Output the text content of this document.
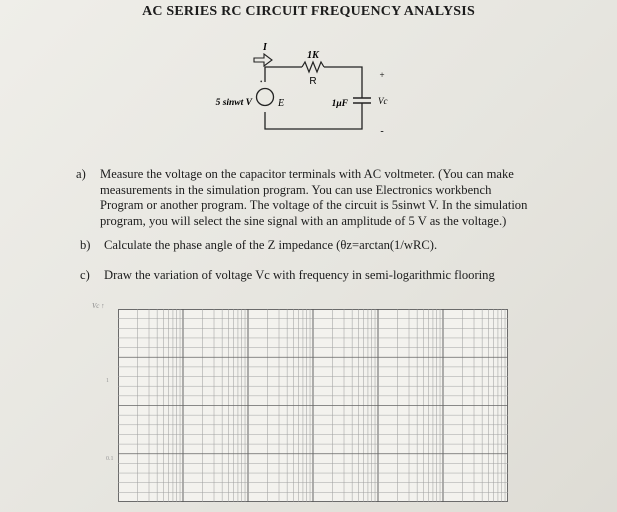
AC SERIES RC CIRCUIT FREQUENCY ANALYSIS
•
I
1K
R
5 sinwt V	E	1μF
+
Vc
-
a) Measure the voltage on the capacitor terminals with AC voltmeter. (You can make
measurements in the simulation program. You can use Electronics workbench
Program or another program. The voltage of the circuit is 5sinwt V. In the simulation
program, you will select the sine signal with an amplitude of 5 V as the voltage.)
b) Calculate the phase angle of the Z impedance (θz=arctan(1/wRC).
c) Draw the variation of voltage Vc with frequency in semi-logarithmic flooring
Vc ↑
1
0.1
